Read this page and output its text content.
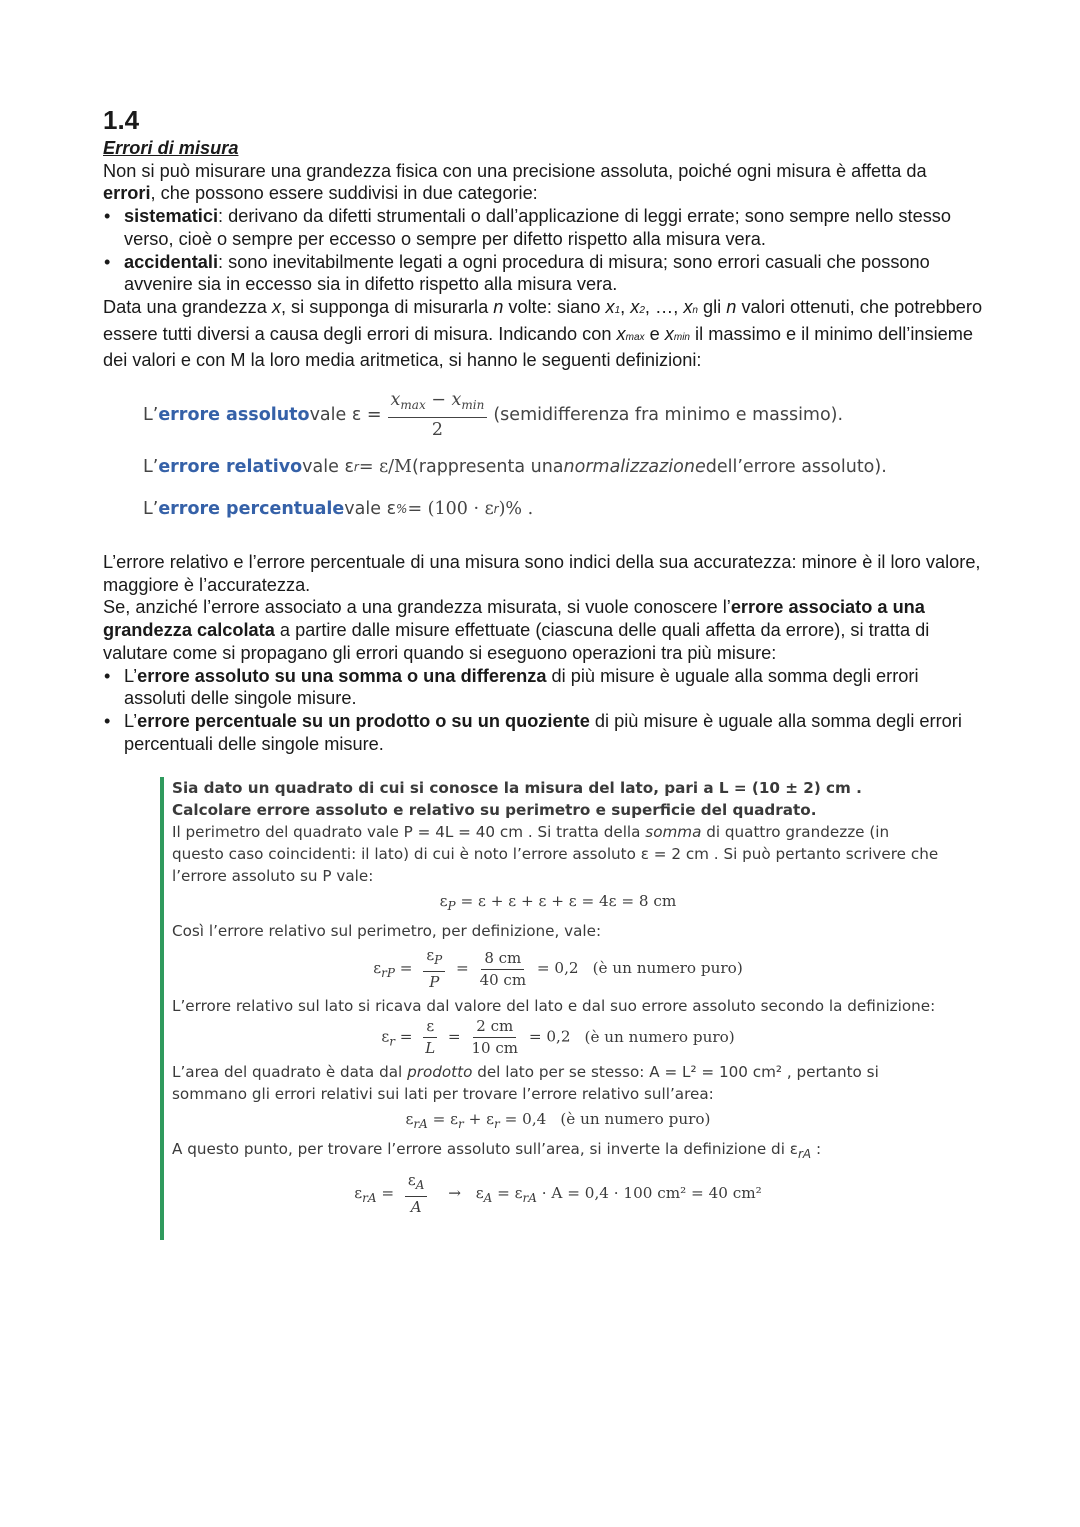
1.4

Errori di misura

Non si può misurare una grandezza fisica con una precisione assoluta, poiché ogni misura è affetta da errori, che possono essere suddivisi in due categorie:

• sistematici: derivano da difetti strumentali o dall’applicazione di leggi errate; sono sempre nello stesso verso, cioè o sempre per eccesso o sempre per difetto rispetto alla misura vera.
• accidentali: sono inevitabilmente legati a ogni procedura di misura; sono errori casuali che possono avvenire sia in eccesso sia in difetto rispetto alla misura vera.

Data una grandezza x, si supponga di misurarla n volte: siano x1, x2, …, xn gli n valori ottenuti, che potrebbero essere tutti diversi a causa degli errori di misura. Indicando con xmax e xmin il massimo e il minimo dell’insieme dei valori e con M la loro media aritmetica, si hanno le seguenti definizioni:

L’ errore assoluto vale $\varepsilon = \frac{x_{max} - x_{min}}{2}$ (semidifferenza fra minimo e massimo).
L’ errore relativo vale ε r = ε/M (rappresenta una normalizzazione dell’errore assoluto).
L’ errore percentuale vale ε % = (100 · ε r )% .

L’errore relativo e l’errore percentuale di una misura sono indici della sua accuratezza: minore è il loro valore, maggiore è l’accuratezza.

Se, anziché l’errore associato a una grandezza misurata, si vuole conoscere l’errore associato a una grandezza calcolata a partire dalle misure effettuate (ciascuna delle quali affetta da errore), si tratta di valutare come si propagano gli errori quando si eseguono operazioni tra più misure:

• L’errore assoluto su una somma o una differenza di più misure è uguale alla somma degli errori assoluti delle singole misure.
• L’errore percentuale su un prodotto o su un quoziente di più misure è uguale alla somma degli errori percentuali delle singole misure.

Sia dato un quadrato di cui si conosce la misura del lato, pari a L = (10 ± 2) cm . Calcolare errore assoluto e relativo su perimetro e superficie del quadrato.

Il perimetro del quadrato vale P = 4L = 40 cm . Si tratta della somma di quattro grandezze (in questo caso coincidenti: il lato) di cui è noto l’errore assoluto ε = 2 cm . Si può pertanto scrivere che l’errore assoluto su P vale:

$\varepsilon_P = \varepsilon + \varepsilon + \varepsilon + \varepsilon = 4\varepsilon = 8$ cm

Così l’errore relativo sul perimetro, per definizione, vale:

$\varepsilon_{rP} = \frac{\varepsilon_P}{P} = \frac{8 cm}{40 cm} = 0,2$ (è un numero puro)

L’errore relativo sul lato si ricava dal valore del lato e dal suo errore assoluto secondo la definizione:

$\varepsilon_r = \frac{\varepsilon}{L} = \frac{2 cm}{10 cm} = 0,2$ (è un numero puro)

L’area del quadrato è data dal prodotto del lato per se stesso: A = L² = 100 cm² , pertanto si sommano gli errori relativi sui lati per trovare l’errore relativo sull’area:

$\varepsilon_{rA} = \varepsilon_r + \varepsilon_r = 0,4$ (è un numero puro)

A questo punto, per trovare l’errore assoluto sull’area, si inverte la definizione di $\varepsilon_{rA}$ :

$\varepsilon_{rA} = \frac{\varepsilon_A}{A} \to \varepsilon_A = \varepsilon_{rA} \cdot A = 0,4 \cdot 100$ cm² = 40 cm²
